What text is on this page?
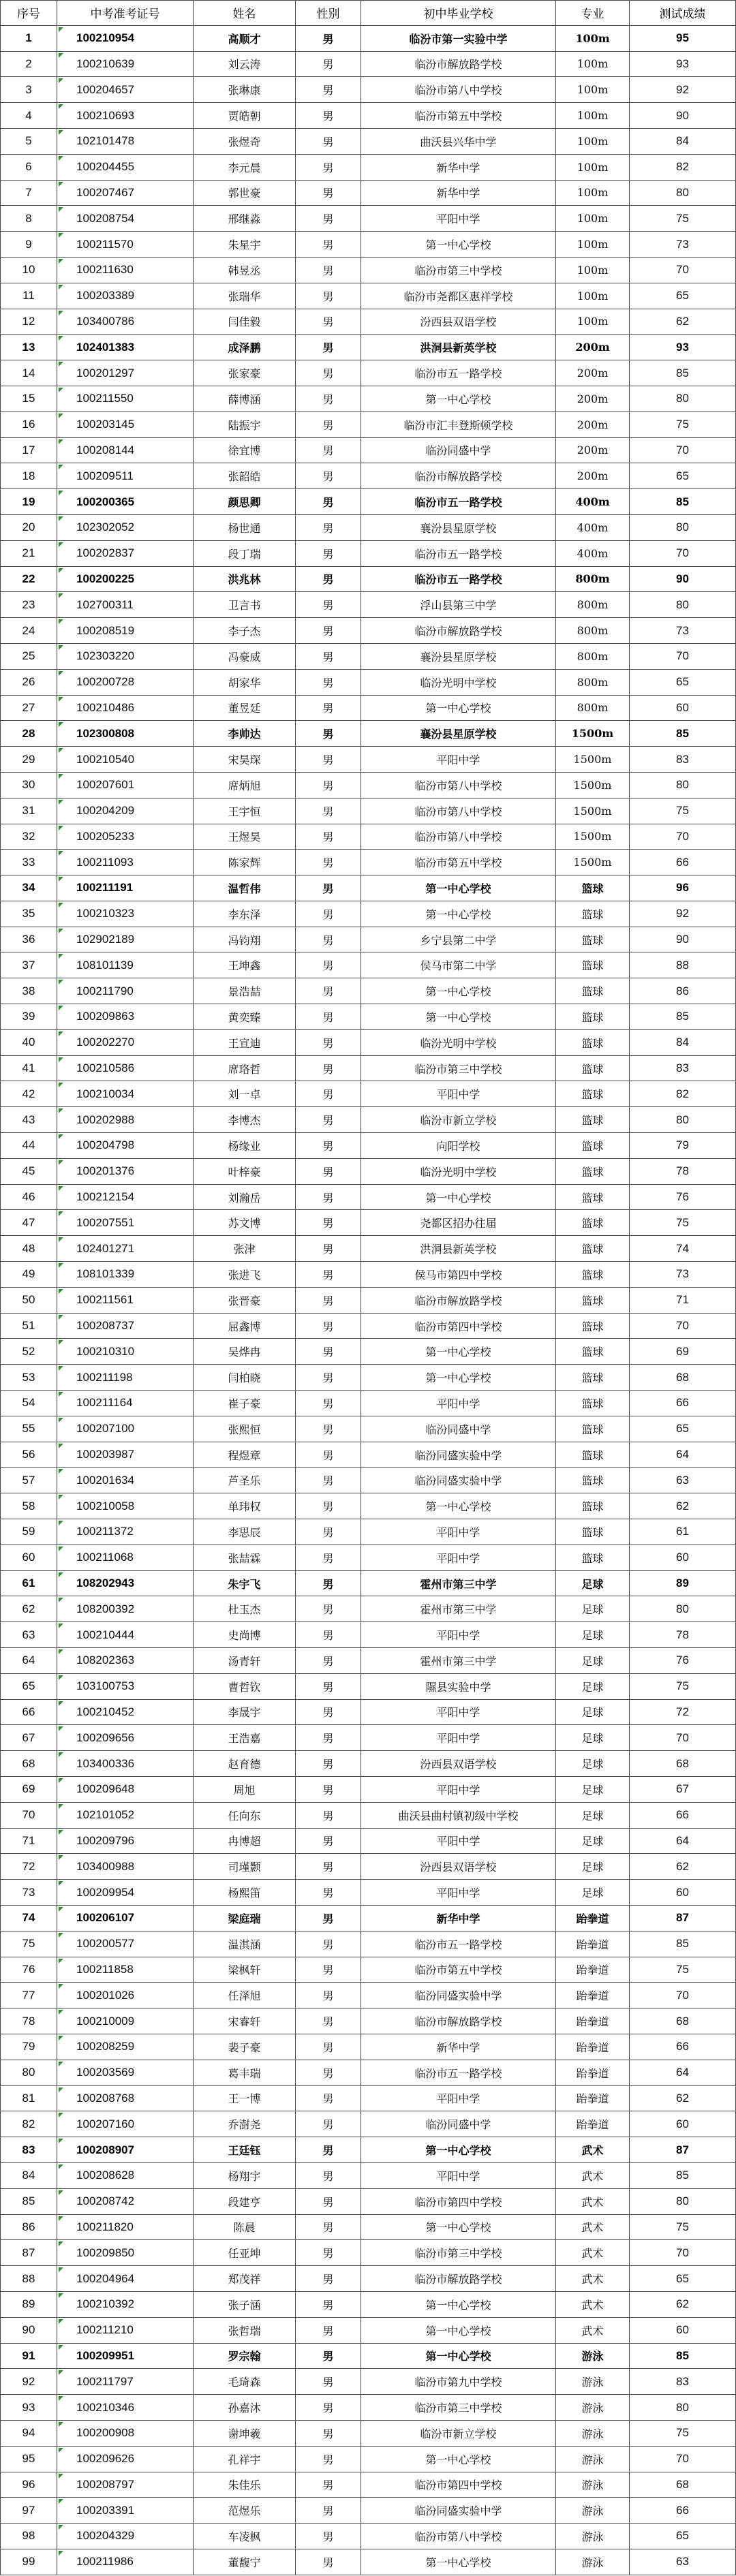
序号	中考准考证号	姓名	性别	初中毕业学校	专业	测试成绩
1	100210954	高顺才	男	临汾市第一实验中学	100m	95
2	100210639	刘云涛	男	临汾市解放路学校	100m	93
3	100204657	张琳康	男	临汾市第八中学校	100m	92
4	100210693	贾皓朝	男	临汾市第五中学校	100m	90
5	102101478	张煜奇	男	曲沃县兴华中学	100m	84
6	100204455	李元晨	男	新华中学	100m	82
7	100207467	郭世豪	男	新华中学	100m	80
8	100208754	邢继淼	男	平阳中学	100m	75
9	100211570	朱星宇	男	第一中心学校	100m	73
10	100211630	韩昱丞	男	临汾市第三中学校	100m	70
11	100203389	张瑞华	男	临汾市尧都区惠祥学校	100m	65
12	103400786	闫佳毅	男	汾西县双语学校	100m	62
13	102401383	成泽鹏	男	洪洞县新英学校	200m	93
14	100201297	张家豪	男	临汾市五一路学校	200m	85
15	100211550	薛博涵	男	第一中心学校	200m	80
16	100203145	陆振宇	男	临汾市汇丰登斯顿学校	200m	75
17	100208144	徐宜博	男	临汾同盛中学	200m	70
18	100209511	张韶皓	男	临汾市解放路学校	200m	65
19	100200365	颜思卿	男	临汾市五一路学校	400m	85
20	102302052	杨世通	男	襄汾县星原学校	400m	80
21	100202837	段丁瑞	男	临汾市五一路学校	400m	70
22	100200225	洪兆林	男	临汾市五一路学校	800m	90
23	102700311	卫言书	男	浮山县第三中学	800m	80
24	100208519	李子杰	男	临汾市解放路学校	800m	73
25	102303220	冯豪威	男	襄汾县星原学校	800m	70
26	100200728	胡家华	男	临汾光明中学校	800m	65
27	100210486	董昱廷	男	第一中心学校	800m	60
28	102300808	李帅达	男	襄汾县星原学校	1500m	85
29	100210540	宋昊琛	男	平阳中学	1500m	83
30	100207601	席炳旭	男	临汾市第八中学校	1500m	80
31	100204209	王宇恒	男	临汾市第八中学校	1500m	75
32	100205233	王煜昊	男	临汾市第八中学校	1500m	70
33	100211093	陈家辉	男	临汾市第五中学校	1500m	66
34	100211191	温哲伟	男	第一中心学校	篮球	96
35	100210323	李东泽	男	第一中心学校	篮球	92
36	102902189	冯钧翔	男	乡宁县第二中学	篮球	90
37	108101139	王坤鑫	男	侯马市第二中学	篮球	88
38	100211790	景浩喆	男	第一中心学校	篮球	86
39	100209863	黄奕臻	男	第一中心学校	篮球	85
40	100202270	王宣迪	男	临汾光明中学校	篮球	84
41	100210586	席珞哲	男	临汾市第三中学校	篮球	83
42	100210034	刘一卓	男	平阳中学	篮球	82
43	100202988	李博杰	男	临汾市新立学校	篮球	80
44	100204798	杨缘业	男	向阳学校	篮球	79
45	100201376	叶梓豪	男	临汾光明中学校	篮球	78
46	100212154	刘瀚岳	男	第一中心学校	篮球	76
47	100207551	苏文博	男	尧都区招办往届	篮球	75
48	102401271	张津	男	洪洞县新英学校	篮球	74
49	108101339	张进飞	男	侯马市第四中学校	篮球	73
50	100211561	张晋豪	男	临汾市解放路学校	篮球	71
51	100208737	屈鑫博	男	临汾市第四中学校	篮球	70
52	100210310	吴烨冉	男	第一中心学校	篮球	69
53	100211198	闫柏晓	男	第一中心学校	篮球	68
54	100211164	崔子豪	男	平阳中学	篮球	66
55	100207100	张熙恒	男	临汾同盛中学	篮球	65
56	100203987	程煜章	男	临汾同盛实验中学	篮球	64
57	100201634	芦圣乐	男	临汾同盛实验中学	篮球	63
58	100210058	单玮权	男	第一中心学校	篮球	62
59	100211372	李思辰	男	平阳中学	篮球	61
60	100211068	张喆霖	男	平阳中学	篮球	60
61	108202943	朱宇飞	男	霍州市第三中学	足球	89
62	108200392	杜玉杰	男	霍州市第三中学	足球	80
63	100210444	史尚博	男	平阳中学	足球	78
64	108202363	汤青轩	男	霍州市第三中学	足球	76
65	103100753	曹哲钦	男	隰县实验中学	足球	75
66	100210452	李晟宇	男	平阳中学	足球	72
67	100209656	王浩嘉	男	平阳中学	足球	70
68	103400336	赵育德	男	汾西县双语学校	足球	68
69	100209648	周旭	男	平阳中学	足球	67
70	102101052	任向东	男	曲沃县曲村镇初级中学校	足球	66
71	100209796	冉博超	男	平阳中学	足球	64
72	103400988	司瑾颢	男	汾西县双语学校	足球	62
73	100209954	杨熙笛	男	平阳中学	足球	60
74	100206107	梁庭瑞	男	新华中学	跆拳道	87
75	100200577	温淇涵	男	临汾市五一路学校	跆拳道	85
76	100211858	梁枫轩	男	临汾市第五中学校	跆拳道	75
77	100201026	任泽旭	男	临汾同盛实验中学	跆拳道	70
78	100210009	宋睿轩	男	临汾市解放路学校	跆拳道	68
79	100208259	裴子豪	男	新华中学	跆拳道	66
80	100203569	葛丰瑞	男	临汾市五一路学校	跆拳道	64
81	100208768	王一博	男	平阳中学	跆拳道	62
82	100207160	乔澍尧	男	临汾同盛中学	跆拳道	60
83	100208907	王廷钰	男	第一中心学校	武术	87
84	100208628	杨翔宇	男	平阳中学	武术	85
85	100208742	段建亨	男	临汾市第四中学校	武术	80
86	100211820	陈晨	男	第一中心学校	武术	75
87	100209850	任亚坤	男	临汾市第三中学校	武术	70
88	100204964	郑茂祥	男	临汾市解放路学校	武术	65
89	100210392	张子涵	男	第一中心学校	武术	62
90	100211210	张哲瑞	男	第一中心学校	武术	60
91	100209951	罗宗翰	男	第一中心学校	游泳	85
92	100211797	毛琦森	男	临汾市第九中学校	游泳	83
93	100210346	孙嘉沐	男	临汾市第三中学校	游泳	80
94	100200908	谢坤羲	男	临汾市新立学校	游泳	75
95	100209626	孔祥宇	男	第一中心学校	游泳	70
96	100208797	朱佳乐	男	临汾市第四中学校	游泳	68
97	100203391	范煜乐	男	临汾同盛实验中学	游泳	66
98	100204329	车凌枫	男	临汾市第八中学校	游泳	65
99	100211986	董馥宁	男	第一中心学校	游泳	63
